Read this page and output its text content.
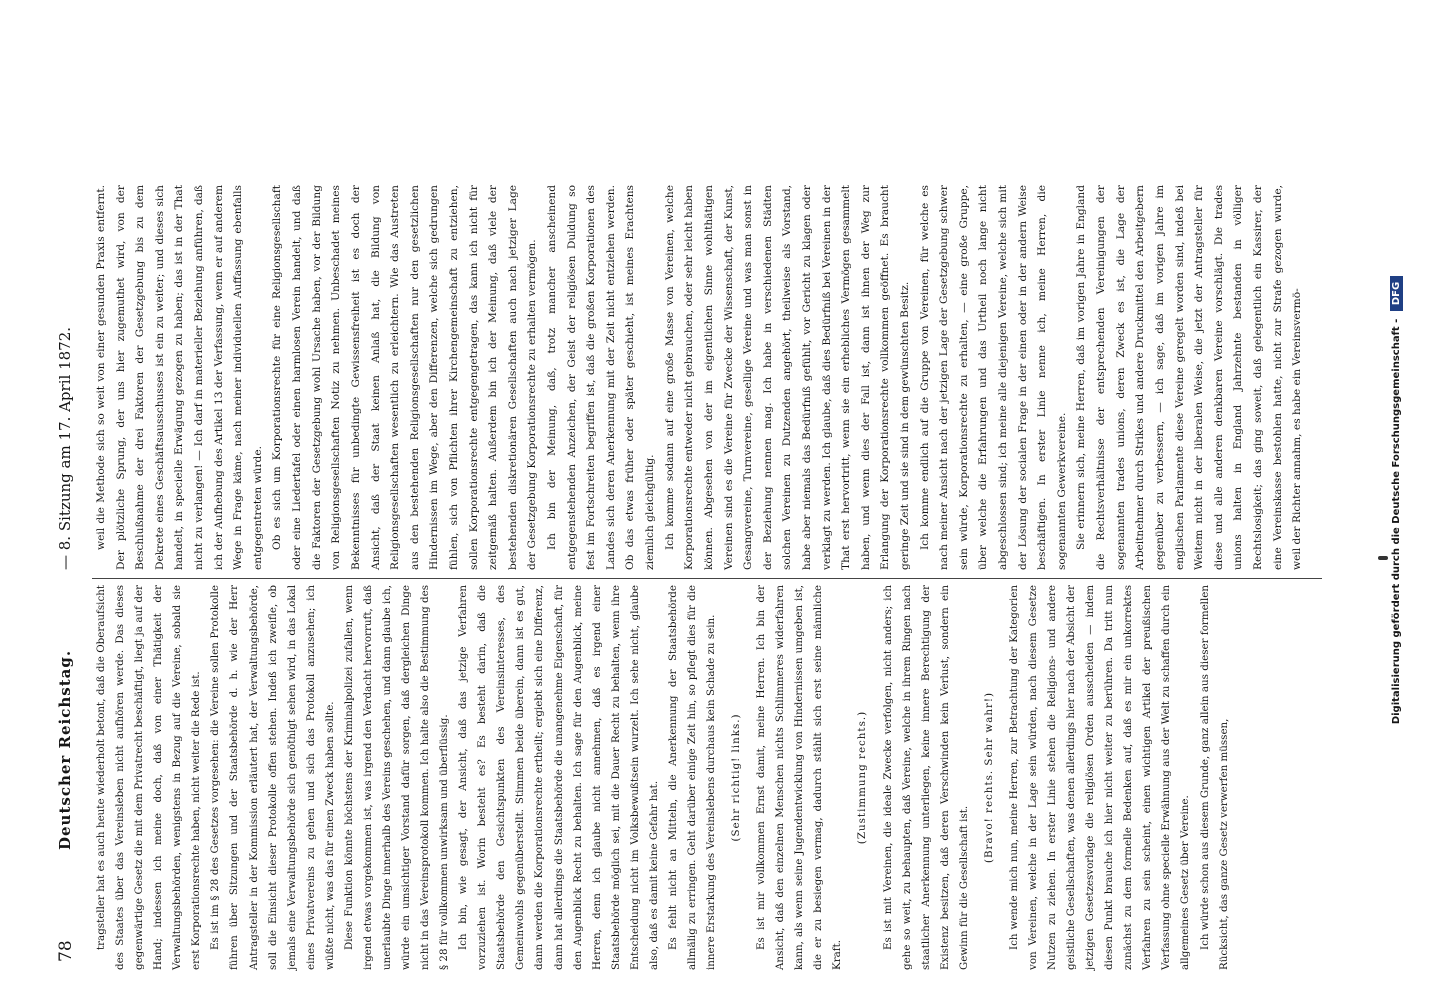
78
Deutscher Reichstag.
— 8. Sitzung am 17. April 1872.

tragsteller hat es auch heute wiederholt betont, daß die Oberaufsicht des Staates über das Vereinsleben nicht aufhören werde. Das dieses gegenwärtige Gesetz die mit dem Privatrecht beschäftigt, liegt ja auf der Hand; indessen ich meine doch, daß von einer Thätigkeit der Verwaltungsbehörden, wenigstens in Bezug auf die Vereine, sobald sie erst Korporationsrechte haben, nicht weiter die Rede ist. Es ist im § 28 des Gesetzes vorgesehen: die Vereine sollen Protokolle führen über Sitzungen und der Staatsbehörde d. h. wie der Herr Antragsteller in der Kommission erläutert hat, der Verwaltungsbehörde, soll die Einsicht dieser Protokolle offen stehen. Indeß ich zweifle, ob jemals eine Verwaltungsbehörde sich genöthigt sehen wird, in das Lokal eines Privatvereins zu gehen und sich das Protokoll anzusehen; ich wüßte nicht, was das für einen Zweck haben sollte. Diese Funktion könnte höchstens der Kriminalpolizei zufallen, wenn irgend etwas vorgekommen ist, was irgend den Verdacht hervorruft, daß unerlaubte Dinge innerhalb des Vereins geschehen, und dann glaube ich, würde ein umsichtiger Vorstand dafür sorgen, daß dergleichen Dinge nicht in das Vereinsprotokoll kommen. Ich halte also die Bestimmung des § 28 für vollkommen unwirksam und überflüssig. Ich bin, wie gesagt, der Ansicht, daß das jetzige Verfahren vorzuziehen ist. Worin besteht es? Es besteht darin, daß die Staatsbehörde den Gesichtspunkten des Vereinsinteresses, des Gemeinwohls gegenüberstellt. Stimmen beide überein, dann ist es gut, dann werden die Korporationsrechte ertheilt; ergiebt sich eine Differenz, dann hat allerdings die Staatsbehörde die unangenehme Eigenschaft, für den Augenblick Recht zu behalten. Ich sage für den Augenblick, meine Herren, denn ich glaube nicht annehmen, daß es irgend einer Staatsbehörde möglich sei, mit die Dauer Recht zu behalten, wenn ihre Entscheidung nicht im Volksbewußtsein wurzelt. Ich sehe nicht, glaube also, daß es damit keine Gefahr hat. Es fehlt nicht an Mitteln, die Anerkennung der Staatsbehörde allmälig zu erringen. Geht darüber einige Zeit hin, so pflegt dies für die innere Erstarkung des Vereinslebens durchaus kein Schade zu sein.	(Sehr richtig! links.)	Es ist mir vollkommen Ernst damit, meine Herren. Ich bin der Ansicht, daß den einzelnen Menschen nichts Schlimmeres widerfahren kann, als wenn seine Jugendentwicklung von Hindernissen umgeben ist, die er zu besiegen vermag, dadurch stählt sich erst seine männliche Kraft.

(Zustimmung rechts.)	Es ist mit Vereinen, die ideale Zwecke verfolgen, nicht anders; ich gehe so weit, zu behaupten, daß Vereine, welche in ihrem Ringen nach staatlicher Anerkennung unterliegen, keine innere Berechtigung der Existenz besitzen, daß deren Verschwinden kein Verlust, sondern ein Gewinn für die Gesellschaft ist.

(Bravo! rechts. Sehr wahr!)	Ich wende mich nun, meine Herren, zur Betrachtung der Kategorien von Vereinen, welche in der Lage sein würden, nach diesem Gesetze Nutzen zu ziehen. In erster Linie stehen die Religions- und andere geistliche Gesellschaften, was denen allerdings hier nach der Absicht der jetzigen Gesetzesvorlage die religiösen Orden ausscheiden — indem diesen Punkt brauche ich hier nicht weiter zu berühren. Da tritt nun zunächst zu dem formelle Bedenken auf, daß es mir ein unkorrektes Verfahren zu sein scheint, einen wichtigen Artikel der preußischen Verfassung ohne specielle Erwähnung aus der Welt zu schaffen durch ein allgemeines Gesetz über Vereine. Ich würde schon aus diesem Grunde, ganz allein aus dieser formellen Rücksicht, das ganze Gesetz verwerfen müssen,

weil die Methode sich so weit von einer gesunden Praxis entfernt. Der plötzliche Sprung, der uns hier zugemuthet wird, von der Beschlußnahme der drei Faktoren der Gesetzgebung bis zu dem Dekrete eines Geschäftsausschusses ist ein zu weiter; und dieses sich handelt, in specielle Erwägung gezogen zu haben; das ist in der That nicht zu verlangen! — Ich darf in materieller Beziehung anführen, daß ich der Aufhebung des Artikel 13 der Verfassung, wenn er auf anderem Wege in Frage käme, nach meiner individuellen Auffassung ebenfalls entgegentreten würde. Ob es sich um Korporationsrechte für eine Religionsgesellschaft oder eine Liedertafel oder einen harmlosen Verein handelt, und daß die Faktoren der Gesetzgebung wohl Ursache haben, vor der Bildung von Religionsgesellschaften Notiz zu nehmen. Unbeschadet meines Bekenntnisses für unbedingte Gewissensfreiheit ist es doch der Ansicht, daß der Staat keinen Anlaß hat, die Bildung von Religionsgesellschaften wesentlich zu erleichtern. Wie das Austreten aus den bestehenden Religionsgesellschaften nur den gesetzlichen Hindernissen im Wege, aber den Differenzen, welche sich gedrungen fühlen, sich von Pflichten ihrer Kirchengemeinschaft zu entziehen, sollen Korporationsrechte entgegengetragen, das kann ich nicht für zeitgemäß halten. Außerdem bin ich der Meinung, daß viele der bestehenden diskretionären Gesellschaften auch nach jetziger Lage der Gesetzgebung Korporationsrechte zu erhalten vermögen. Ich bin der Meinung, daß, trotz mancher anscheinend entgegenstehenden Anzeichen, der Geist der religiösen Duldung so fest im Fortschreiten begriffen ist, daß die großen Korporationen des Landes sich deren Anerkennung mit der Zeit nicht entziehen werden. Ob das etwas früher oder später geschieht, ist meines Erachtens ziemlich gleichgültig. Ich komme sodann auf eine große Masse von Vereinen, welche Korporationsrechte entweder nicht gebrauchen, oder sehr leicht haben können. Abgesehen von der im eigentlichen Sinne wohlthätigen Vereinen sind es die Vereine für Zwecke der Wissenschaft, der Kunst, Gesangvereine, Turnvereine, gesellige Vereine und was man sonst in der Beziehung nennen mag. Ich habe in verschiedenen Städten solchen Vereinen zu Dutzenden angehört, theilweise als Vorstand, habe aber niemals das Bedürfniß gefühlt, vor Gericht zu klagen oder verklagt zu werden. Ich glaube, daß dies Bedürfniß bei Vereinen in der That erst hervortritt, wenn sie ein erhebliches Vermögen gesammelt haben, und wenn dies der Fall ist, dann ist ihnen der Weg zur Erlangung der Korporationsrechte vollkommen geöffnet. Es braucht geringe Zeit und sie sind in dem gewünschten Besitz. Ich komme endlich auf die Gruppe von Vereinen, für welche es nach meiner Ansicht nach der jetzigen Lage der Gesetzgebung schwer sein würde, Korporationsrechte zu erhalten, — eine große Gruppe, über welche die Erfahrungen und das Urtheil noch lange nicht abgeschlossen sind; ich meine alle diejenigen Vereine, welche sich mit der Lösung der socialen Frage in der einen oder in der andern Weise beschäftigen. In erster Linie nenne ich, meine Herren, die sogenannten Gewerkvereine. Sie erinnern sich, meine Herren, daß im vorigen Jahre in England die Rechtsverhältnisse der entsprechenden Vereinigungen der sogenannten trades unions, deren Zweck es ist, die Lage der Arbeitnehmer durch Strikes und andere Druckmittel den Arbeitgebern gegenüber zu verbessern, — ich sage, daß im vorigen Jahre im englischen Parlamente diese Vereine geregelt worden sind, indeß bei Weitem nicht in der liberalen Weise, die jetzt der Antragsteller für diese und alle anderen denkbaren Vereine vorschlägt. Die trades unions halten in England Jahrzehnte bestanden in völliger Rechtslosigkeit; das ging soweit, daß gelegentlich ein Kassirer, der eine Vereinskasse bestohlen hatte, nicht zur Strafe gezogen wurde, weil der Richter annahm, es habe ein Vereinsvermö-	Digitalisierung gefördert durch die Deutsche Forschungsgemeinschaft - DFG
